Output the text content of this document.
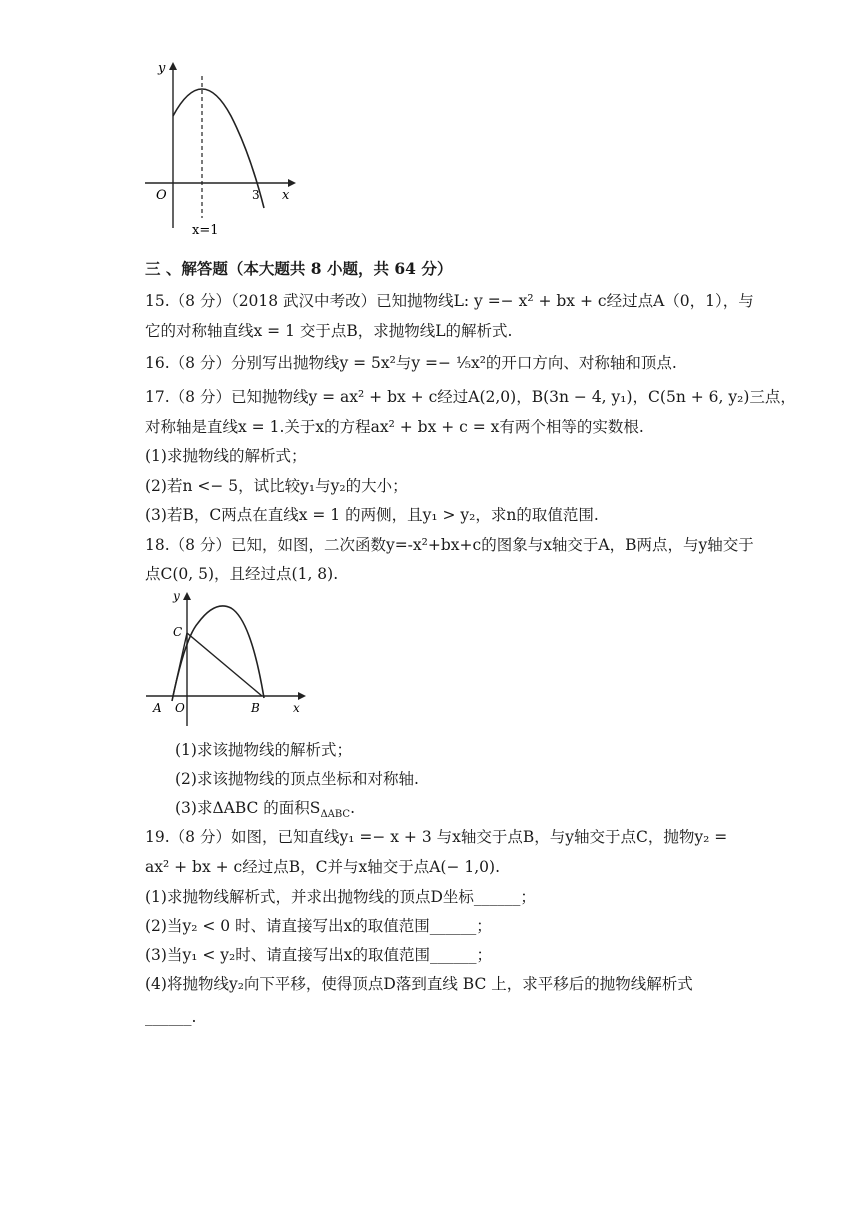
y
x
O	3
x=1
三 、解答题（本大题共 8 小题，共 64 分）
15.（8 分）（2018 武汉中考改）已知抛物线L: y =− x² + bx + c经过点A（0，1），与
它的对称轴直线x = 1 交于点B，求抛物线L的解析式.
16.（8 分）分别写出抛物线y = 5x²与y =− ⅕x²的开口方向、对称轴和顶点.
17.（8 分）已知抛物线y = ax² + bx + c经过A(2,0)，B(3n − 4, y₁)，C(5n + 6, y₂)三点，
对称轴是直线x = 1.关于x的方程ax² + bx + c = x有两个相等的实数根.
(1)求抛物线的解析式；
(2)若n <− 5，试比较y₁与y₂的大小；
(3)若B，C两点在直线x = 1 的两侧，且y₁ > y₂，求n的取值范围.
18.（8 分）已知，如图，二次函数y=-x²+bx+c的图象与x轴交于A，B两点，与y轴交于
点C(0, 5)，且经过点(1, 8).
y
x
C
A O	B
(1)求该抛物线的解析式；
(2)求该抛物线的顶点坐标和对称轴.
(3)求ΔABC 的面积$S_{\Delta ABC}$.
19.（8 分）如图，已知直线y₁ =− x + 3 与x轴交于点B，与y轴交于点C，抛物y₂ =
ax² + bx + c经过点B，C并与x轴交于点A(− 1,0).
(1)求抛物线解析式，并求出抛物线的顶点D坐标______；
(2)当y₂ < 0 时、请直接写出x的取值范围______；
(3)当y₁ < y₂时、请直接写出x的取值范围______；
(4)将抛物线y₂向下平移，使得顶点D落到直线 BC 上，求平移后的抛物线解析式
______.
